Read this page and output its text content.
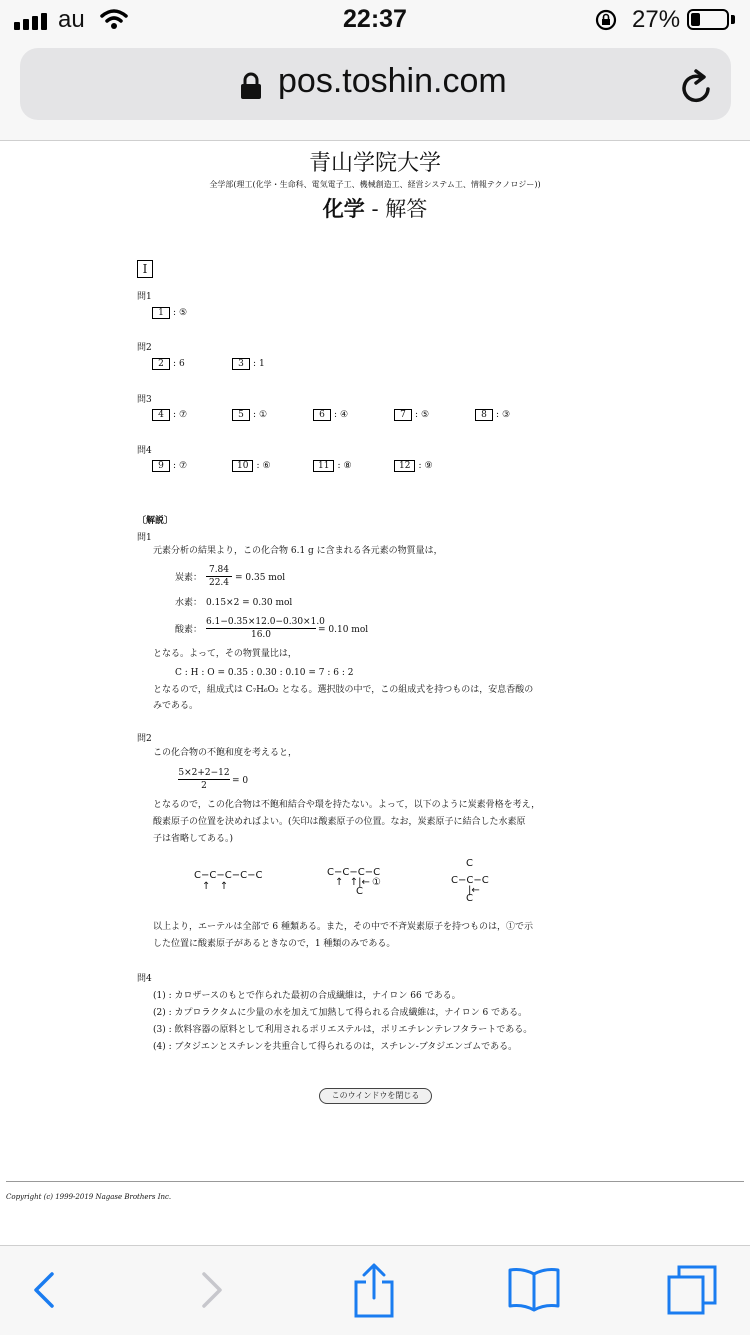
au	22:37	27%
pos.toshin.com
青山学院大学
全学部(理工(化学・生命科、電気電子工、機械創造工、経営システム工、情報テクノロジー))
化学 - 解答
I
問1
1 : ⑤
問2
2 : 6	3 : 1
問3
4 : ⑦	5 : ①	6 : ④	7 : ⑤	8 : ③
問4
9 : ⑦	10 : ⑥	11 : ⑧	12 : ⑨
〔解説〕
問1
元素分析の結果より，この化合物 6.1 g に含まれる各元素の物質量は，
炭素：
7.84
22.4 = 0.35 mol
水素： 0.15×2 = 0.30 mol
酸素：
6.1−0.35×12.0−0.30×1.0
16.0	= 0.10 mol
となる。よって，その物質量比は，
C : H : O = 0.35 : 0.30 : 0.10 = 7 : 6 : 2
となるので，組成式は C₇H₆O₂ となる。選択肢の中で，この組成式を持つものは，安息香酸の
みである。
問2
この化合物の不飽和度を考えると，
5×2+2−12
2	= 0
となるので，この化合物は不飽和結合や環を持たない。よって，以下のように炭素骨格を考え，
酸素原子の位置を決めればよい。(矢印は酸素原子の位置。なお，炭素原子に結合した水素原
子は省略してある。)
C−C−C−C−C
↑   ↑
C−C−C−C
↑  ↑|← ①
C
C
C−C−C
|←
C
以上より，エーテルは全部で 6 種類ある。また，その中で不斉炭素原子を持つものは，①で示
した位置に酸素原子があるときなので，1 種類のみである。
問4
(1) : カロザースのもとで作られた最初の合成繊維は，ナイロン 66 である。
(2) : カプロラクタムに少量の水を加えて加熱して得られる合成繊維は，ナイロン 6 である。
(3) : 飲料容器の原料として利用されるポリエステルは，ポリエチレンテレフタラートである。
(4) : ブタジエンとスチレンを共重合して得られるのは，スチレン-ブタジエンゴムである。
このウインドウを閉じる
Copyright (c) 1999-2019 Nagase Brothers Inc.
